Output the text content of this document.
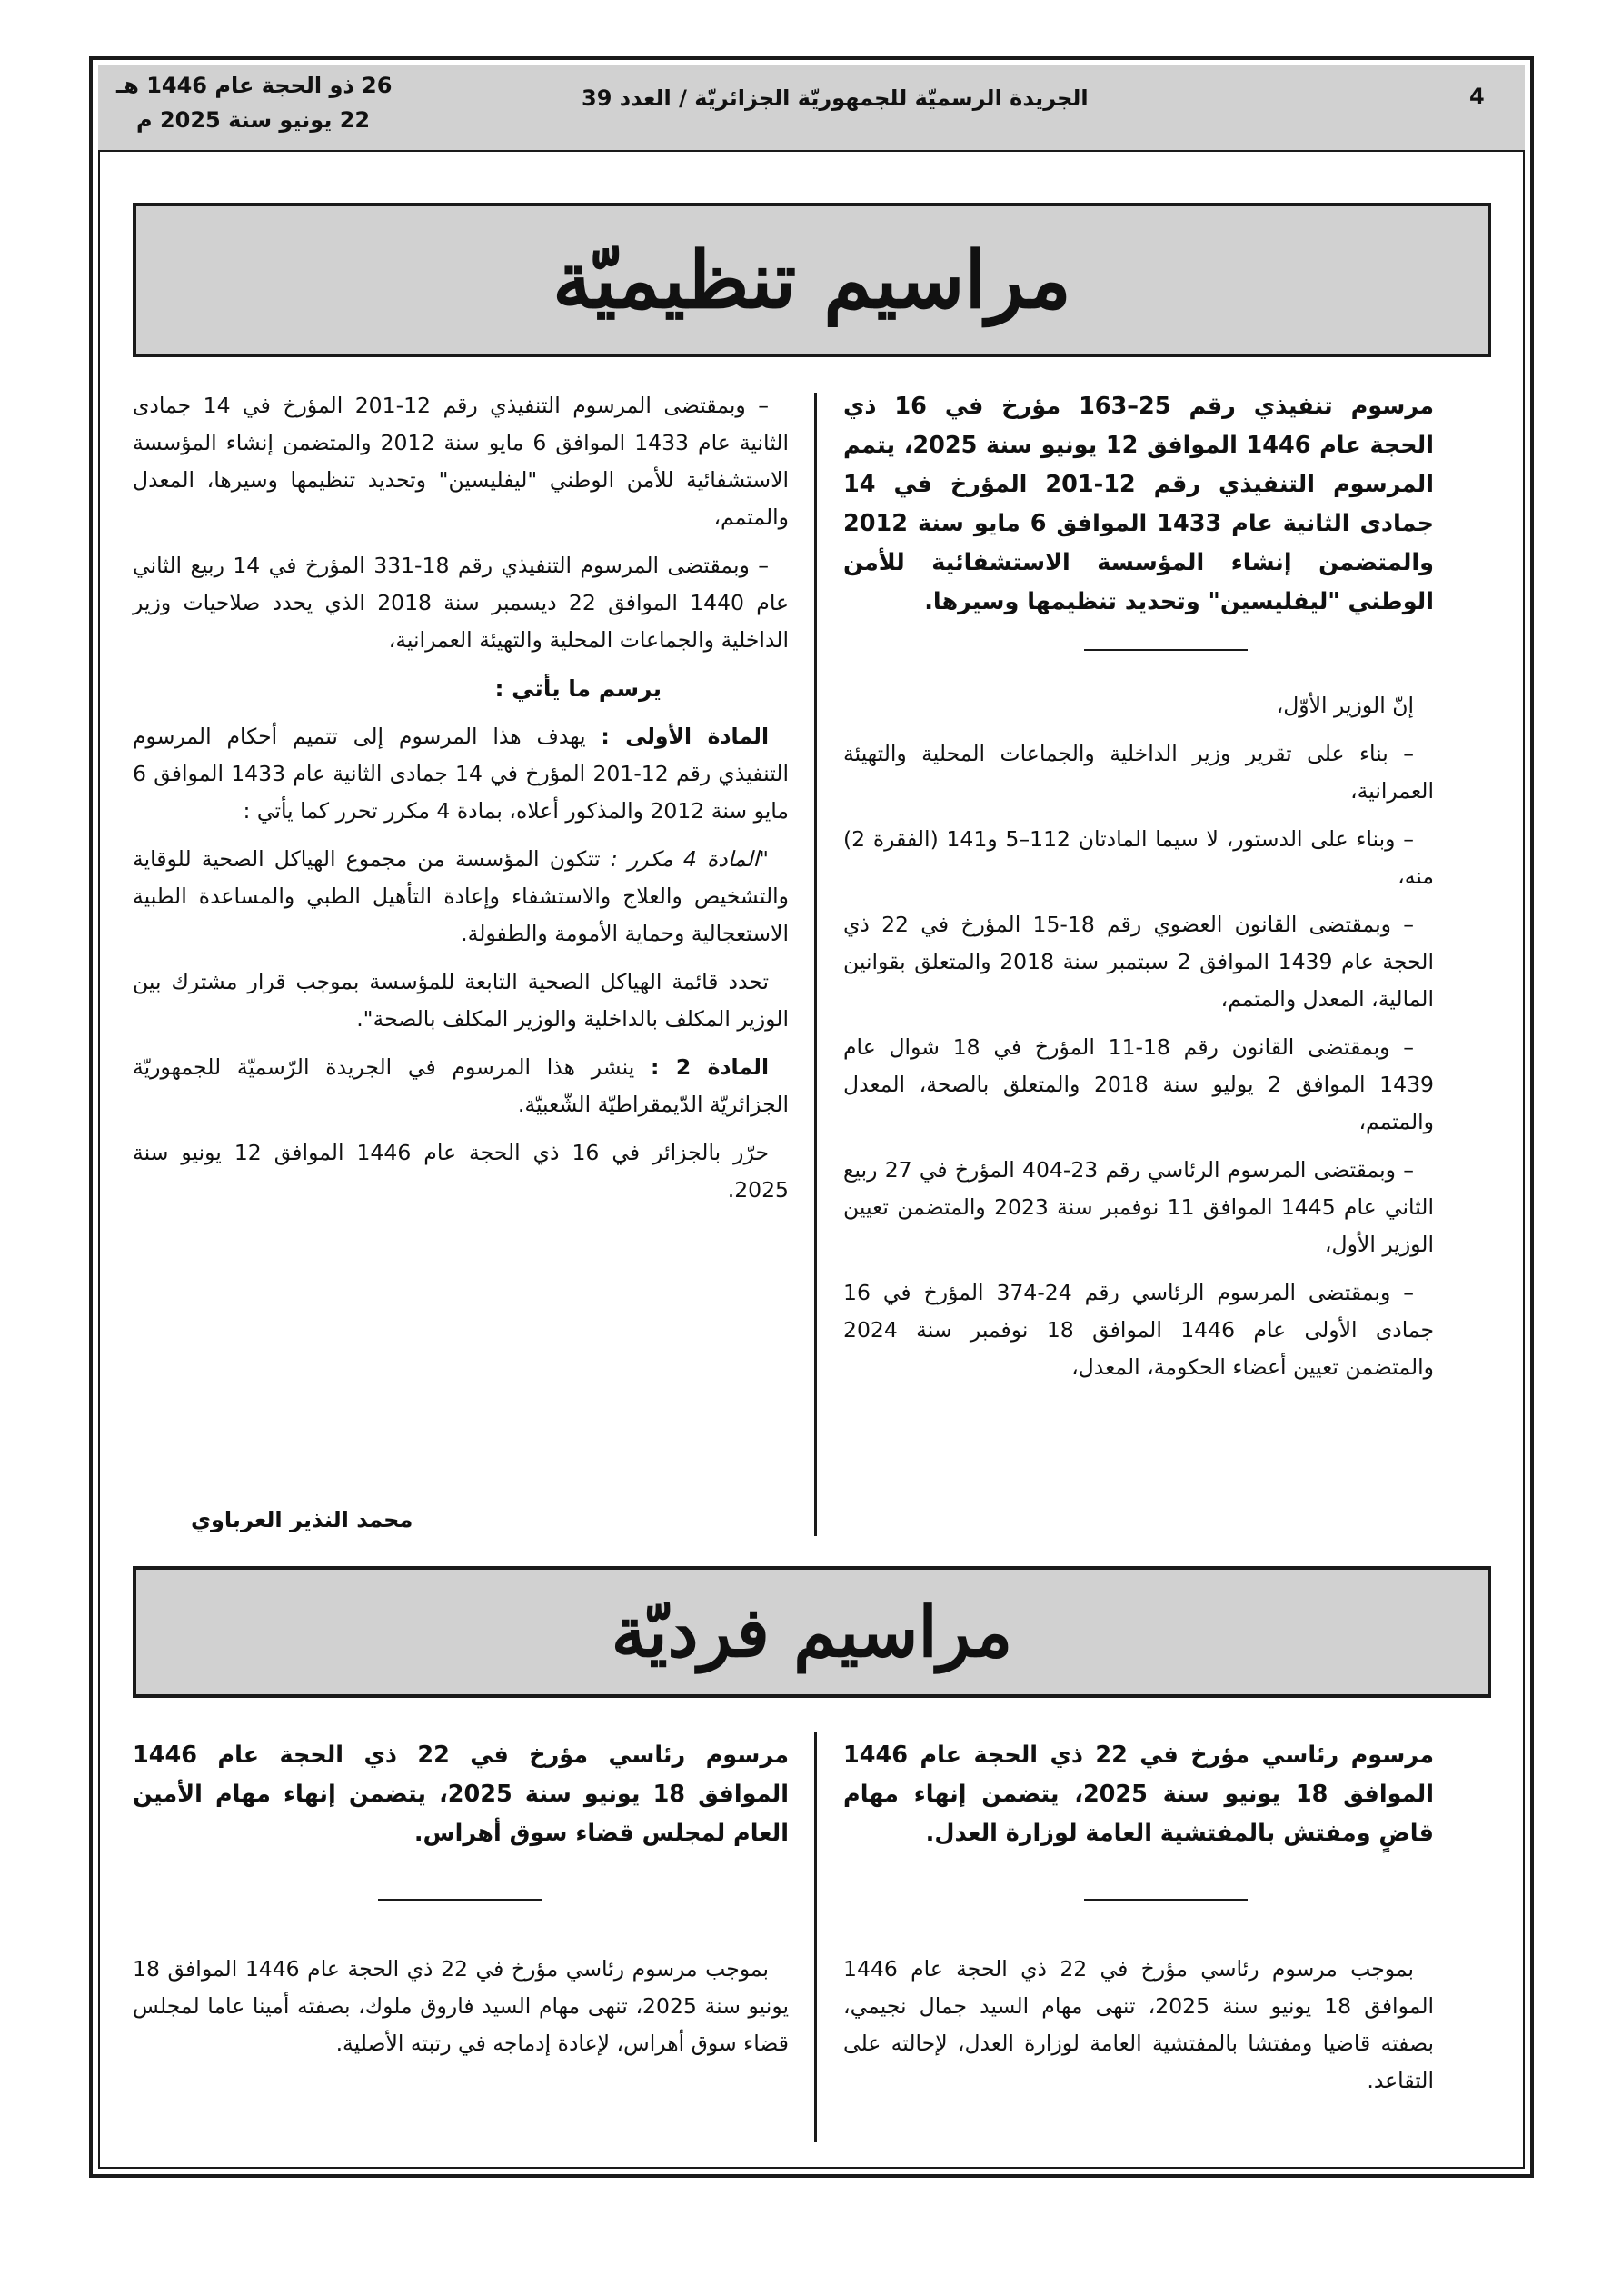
4
الجريدة الرسميّة للجمهوريّة الجزائريّة / العدد 39
26 ذو الحجة عام 1446 هـ
22 يونيو سنة 2025 م
مراسيم تنظيميّة

مرسوم تنفيذي رقم 25–163 مؤرخ في 16 ذي الحجة عام 1446 الموافق 12 يونيو سنة 2025، يتمم المرسوم التنفيذي رقم 12-201 المؤرخ في 14 جمادى الثانية عام 1433 الموافق 6 مايو سنة 2012 والمتضمن إنشاء المؤسسة الاستشفائية للأمن الوطني "ليفليسين" وتحديد تنظيمها وسيرها.

إنّ الوزير الأوّل،

– بناء على تقرير وزير الداخلية والجماعات المحلية والتهيئة العمرانية،

– وبناء على الدستور، لا سيما المادتان 112–5 و141 (الفقرة 2) منه،

– وبمقتضى القانون العضوي رقم 18-15 المؤرخ في 22 ذي الحجة عام 1439 الموافق 2 سبتمبر سنة 2018 والمتعلق بقوانين المالية، المعدل والمتمم،

– وبمقتضى القانون رقم 18-11 المؤرخ في 18 شوال عام 1439 الموافق 2 يوليو سنة 2018 والمتعلق بالصحة، المعدل والمتمم،

– وبمقتضى المرسوم الرئاسي رقم 23-404 المؤرخ في 27 ربيع الثاني عام 1445 الموافق 11 نوفمبر سنة 2023 والمتضمن تعيين الوزير الأول،

– وبمقتضى المرسوم الرئاسي رقم 24-374 المؤرخ في 16 جمادى الأولى عام 1446 الموافق 18 نوفمبر سنة 2024 والمتضمن تعيين أعضاء الحكومة، المعدل،

– وبمقتضى المرسوم التنفيذي رقم 12-201 المؤرخ في 14 جمادى الثانية عام 1433 الموافق 6 مايو سنة 2012 والمتضمن إنشاء المؤسسة الاستشفائية للأمن الوطني "ليفليسين" وتحديد تنظيمها وسيرها، المعدل والمتمم،

– وبمقتضى المرسوم التنفيذي رقم 18-331 المؤرخ في 14 ربيع الثاني عام 1440 الموافق 22 ديسمبر سنة 2018 الذي يحدد صلاحيات وزير الداخلية والجماعات المحلية والتهيئة العمرانية،

يرسم ما يأتي :

المادة الأولى : يهدف هذا المرسوم إلى تتميم أحكام المرسوم التنفيذي رقم 12-201 المؤرخ في 14 جمادى الثانية عام 1433 الموافق 6 مايو سنة 2012 والمذكور أعلاه، بمادة 4 مكرر تحرر كما يأتي :

"المادة 4 مكرر : تتكون المؤسسة من مجموع الهياكل الصحية للوقاية والتشخيص والعلاج والاستشفاء وإعادة التأهيل الطبي والمساعدة الطبية الاستعجالية وحماية الأمومة والطفولة.

تحدد قائمة الهياكل الصحية التابعة للمؤسسة بموجب قرار مشترك بين الوزير المكلف بالداخلية والوزير المكلف بالصحة".

المادة 2 : ينشر هذا المرسوم في الجريدة الرّسميّة للجمهوريّة الجزائريّة الدّيمقراطيّة الشّعبيّة.

حرّر بالجزائر في 16 ذي الحجة عام 1446 الموافق 12 يونيو سنة 2025.

محمد النذير العرباوي
مراسيم فرديّة

مرسوم رئاسي مؤرخ في 22 ذي الحجة عام 1446 الموافق 18 يونيو سنة 2025، يتضمن إنهاء مهام قاضٍ ومفتش بالمفتشية العامة لوزارة العدل.

بموجب مرسوم رئاسي مؤرخ في 22 ذي الحجة عام 1446 الموافق 18 يونيو سنة 2025، تنهى مهام السيد جمال نجيمي، بصفته قاضيا ومفتشا بالمفتشية العامة لوزارة العدل، لإحالته على التقاعد.

مرسوم رئاسي مؤرخ في 22 ذي الحجة عام 1446 الموافق 18 يونيو سنة 2025، يتضمن إنهاء مهام الأمين العام لمجلس قضاء سوق أهراس.

بموجب مرسوم رئاسي مؤرخ في 22 ذي الحجة عام 1446 الموافق 18 يونيو سنة 2025، تنهى مهام السيد فاروق ملوك، بصفته أمينا عاما لمجلس قضاء سوق أهراس، لإعادة إدماجه في رتبته الأصلية.
